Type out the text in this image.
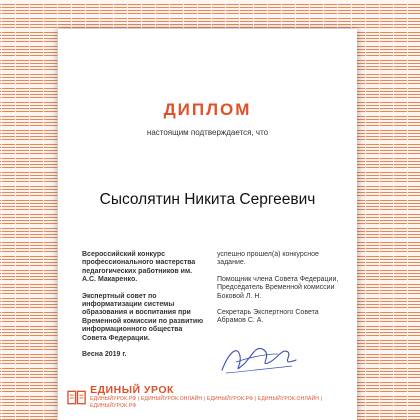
ДИПЛОМ
настоящим подтверждается, что
Сысолятин Никита Сергеевич

Всероссийский конкурс профессионального мастерства педагогических работников им. А.С. Макаренко.

Экспертный совет по информатизации системы образования и воспитания при Временной комиссии по развитию информационного общества Совета Федерации.

Весна 2019 г.

успешно прошел(а) конкурсное задание.

Помощник члена Совета Федерации, Председатель Временной комиссии Боковой Л. Н.

Секретарь Экспертного Совета Абрамов С. А.

ЕДИНЫЙ УРОК
ЕДИНЫЙУРОК.РФ | ЕДИНЫЙУРОК.ОНЛАЙН | ЕДИНЫЙУРОК.РФ | ЕДИНЫЙУРОК.ОНЛАЙН | ЕДИНЫЙУРОК.РФ
